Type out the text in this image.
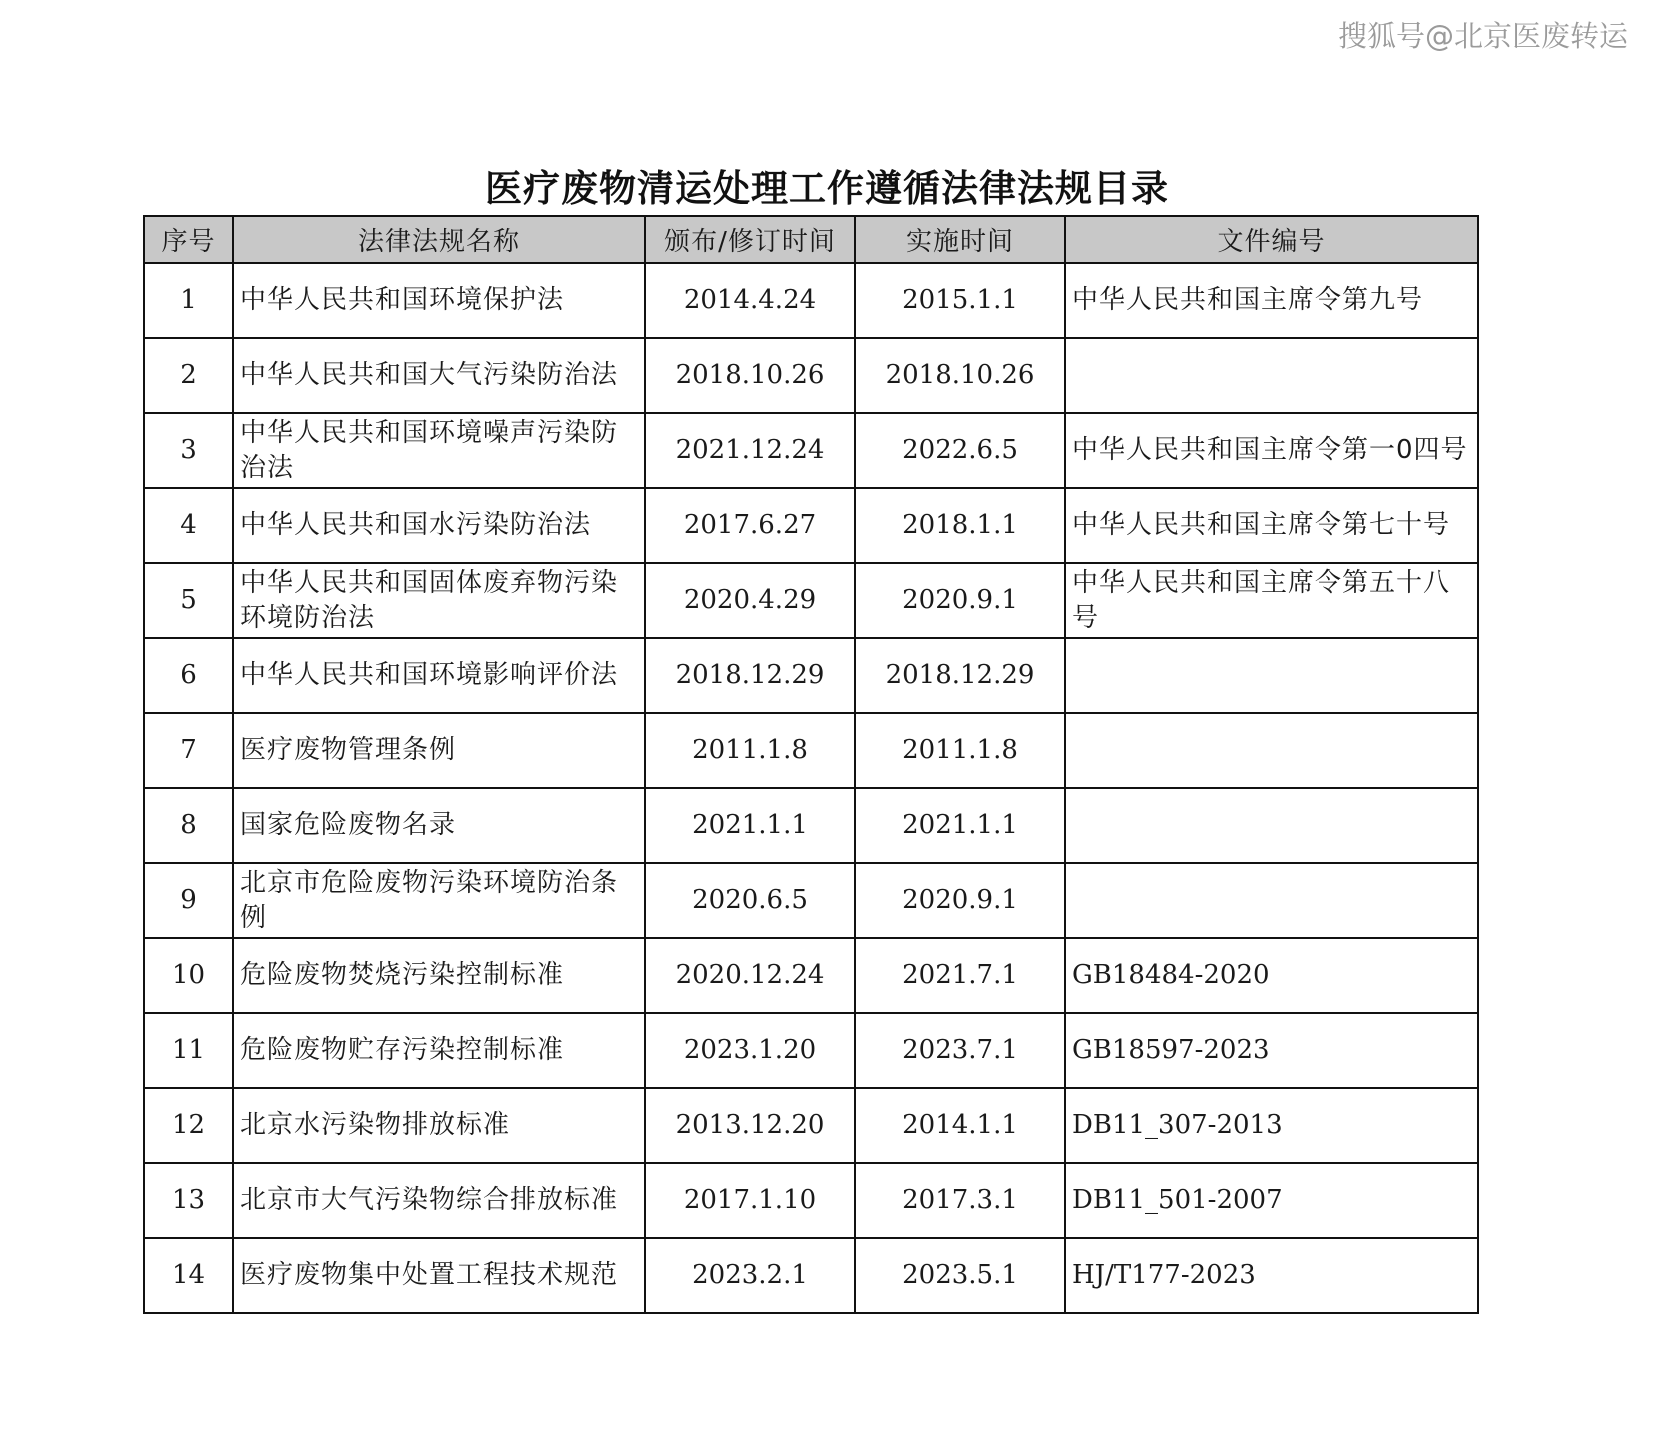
搜狐号@北京医废转运
医疗废物清运处理工作遵循法律法规目录
序号	法律法规名称	颁布/修订时间	实施时间	文件编号
1	中华人民共和国环境保护法	2014.4.24	2015.1.1	中华人民共和国主席令第九号
2	中华人民共和国大气污染防治法	2018.10.26	2018.10.26	
3	中华人民共和国环境噪声污染防治法	2021.12.24	2022.6.5	中华人民共和国主席令第一0四号
4	中华人民共和国水污染防治法	2017.6.27	2018.1.1	中华人民共和国主席令第七十号
5	中华人民共和国固体废弃物污染环境防治法	2020.4.29	2020.9.1	中华人民共和国主席令第五十八号
6	中华人民共和国环境影响评价法	2018.12.29	2018.12.29	
7	医疗废物管理条例	2011.1.8	2011.1.8	
8	国家危险废物名录	2021.1.1	2021.1.1	
9	北京市危险废物污染环境防治条例	2020.6.5	2020.9.1	
10	危险废物焚烧污染控制标准	2020.12.24	2021.7.1	GB18484-2020
11	危险废物贮存污染控制标准	2023.1.20	2023.7.1	GB18597-2023
12	北京水污染物排放标准	2013.12.20	2014.1.1	DB11_307-2013
13	北京市大气污染物综合排放标准	2017.1.10	2017.3.1	DB11_501-2007
14	医疗废物集中处置工程技术规范	2023.2.1	2023.5.1	HJ/T177-2023
